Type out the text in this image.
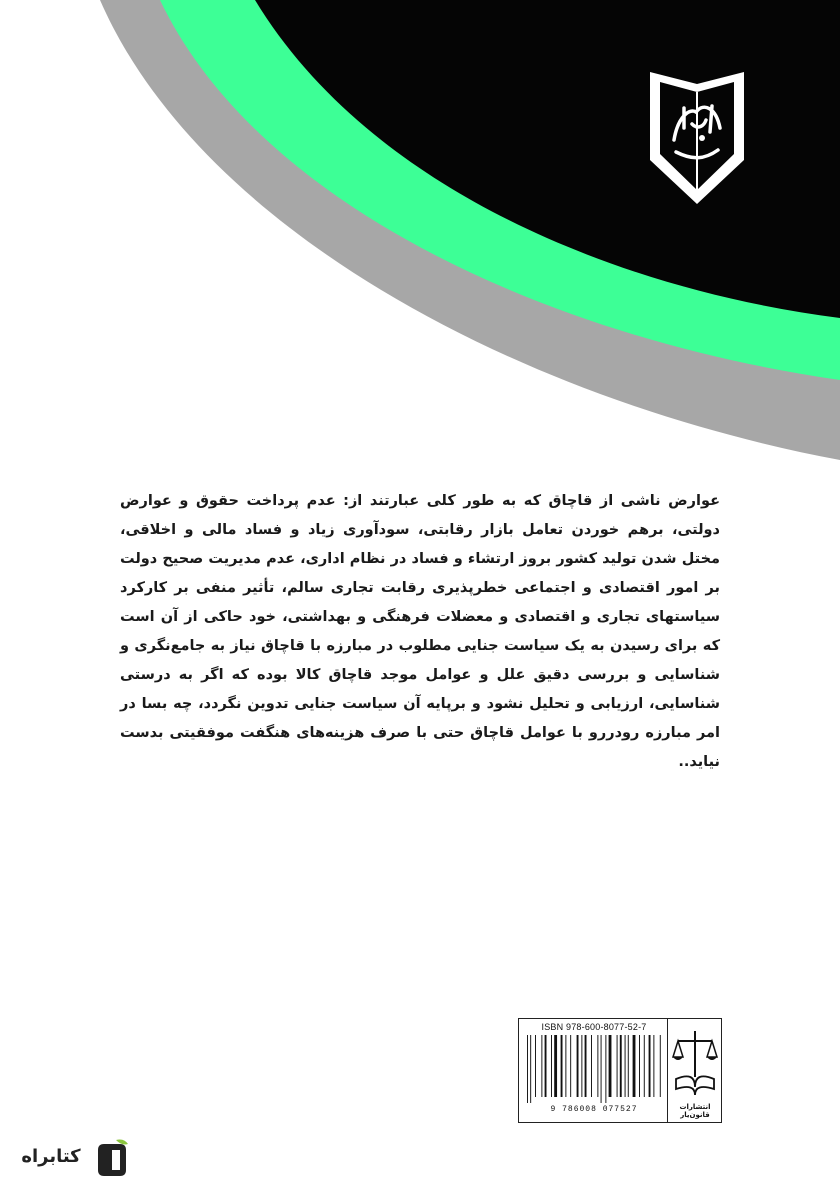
عوارض ناشی از قاچاق که به طور کلی عبارتند از: عدم پرداخت حقوق و عوارض دولتی، برهم خوردن تعامل بازار رقابتی، سودآوری زیاد و فساد مالی و اخلاقی، مختل شدن تولید کشور بروز ارتشاء و فساد در نظام اداری، عدم مدیریت صحیح دولت بر امور اقتصادی و اجتماعی خطرپذیری رقابت تجاری سالم، تأثیر منفی بر کارکرد سیاستهای تجاری و اقتصادی و معضلات فرهنگی و بهداشتی، خود حاکی از آن است که برای رسیدن به یک سیاست جنایی مطلوب در مبارزه با قاچاق نیاز به جامع‌نگری و شناسایی و بررسی دقیق علل و عوامل موجد قاچاق کالا بوده که اگر به درستی شناسایی، ارزیابی و تحلیل نشود و برپایه آن سیاست جنایی تدوین نگردد، چه بسا در امر مبارزه رودررو با عوامل قاچاق حتی با صرف هزینه‌های هنگفت موفقیتی بدست نیاید..

ISBN 978-600-8077-52-7
9 786008 077527	انتشارات قانون‌یار
کتابراه
